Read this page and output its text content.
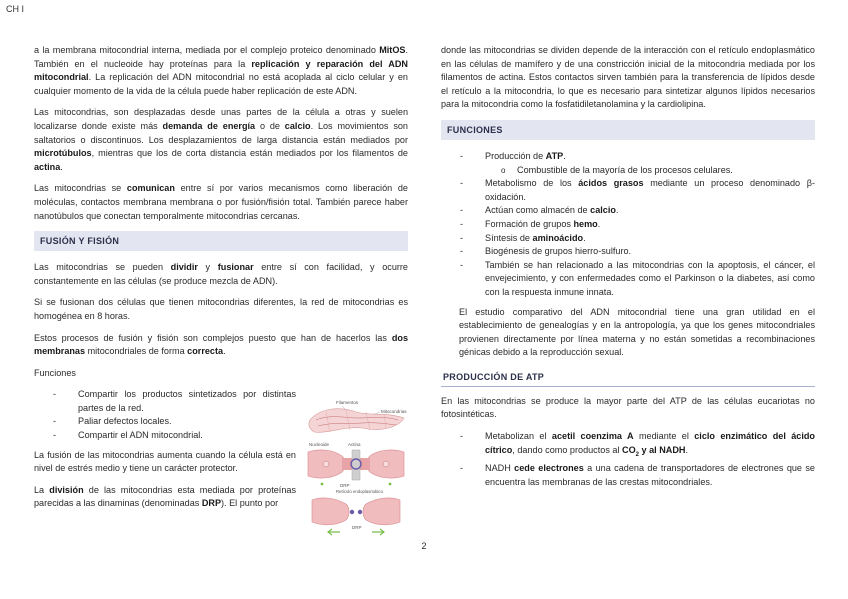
CH I

a la membrana mitocondrial interna, mediada por el complejo proteico denominado MitOS. También en el nucleoide hay proteínas para la replicación y reparación del ADN mitocondrial. La replicación del ADN mitocondrial no está acoplada al ciclo celular y en cualquier momento de la vida de la célula puede haber replicación de este ADN.

Las mitocondrias, son desplazadas desde unas partes de la célula a otras y suelen localizarse donde existe más demanda de energía o de calcio. Los movimientos son saltatorios o discontinuos. Los desplazamientos de larga distancia están mediados por microtúbulos, mientras que los de corta distancia están mediados por los filamentos de actina.

Las mitocondrias se comunican entre sí por varios mecanismos como liberación de moléculas, contactos membrana membrana o por fusión/fisión total. También parece haber nanotúbulos que conectan temporalmente mitocondrias cercanas.

FUSIÓN Y FISIÓN

Las mitocondrias se pueden dividir y fusionar entre sí con facilidad, y ocurre constantemente en las células (se produce mezcla de ADN).

Si se fusionan dos células que tienen mitocondrias diferentes, la red de mitocondrias es homogénea en 8 horas.

Estos procesos de fusión y fisión son complejos puesto que han de hacerlos las dos membranas mitocondriales de forma correcta.

Funciones

- Compartir los productos sintetizados por distintas partes de la red.
- Paliar defectos locales.
- Compartir el ADN mitocondrial.

La fusión de las mitocondrias aumenta cuando la célula está en nivel de estrés medio y tiene un carácter protector.

La división de las mitocondrias esta mediada por proteínas parecidas a las dinaminas (denominadas DRP). El punto por

Filamentos
Mitocondrias
Nucleoide	Actina
DRP
Retículo endoplasmático
DRP

donde las mitocondrias se dividen depende de la interacción con el retículo endoplasmático en las células de mamífero y de una constricción inicial de la mitocondria mediada por los filamentos de actina. Estos contactos sirven también para la transferencia de lípidos desde el retículo a la mitocondria, lo que es necesario para sintetizar algunos lípidos necesarios para la mitocondria como la fosfatidiletanolamina y la cardiolipina.

FUNCIONES
- Producción de ATP.
o Combustible de la mayoría de los procesos celulares.
- Metabolismo de los ácidos grasos mediante un proceso denominado β-oxidación.
- Actúan como almacén de calcio.
- Formación de grupos hemo.
- Síntesis de aminoácido.
- Biogénesis de grupos hierro-sulfuro.
- También se han relacionado a las mitocondrias con la apoptosis, el cáncer, el envejecimiento, y con enfermedades como el Parkinson o la diabetes, así como con la respuesta inmune innata.

El estudio comparativo del ADN mitocondrial tiene una gran utilidad en el establecimiento de genealogías y en la antropología, ya que los genes mitocondriales provienen directamente por línea materna y no están sometidas a recombinaciones génicas debido a la reproducción sexual.

PRODUCCIÓN DE ATP

En las mitocondrias se produce la mayor parte del ATP de las células eucariotas no fotosintéticas.

- Metabolizan el acetil coenzima A mediante el ciclo enzimático del ácido cítrico, dando como productos al $CO_2$ y al NADH.
- NADH cede electrones a una cadena de transportadores de electrones que se encuentra las membranas de las crestas mitocondriales.
2
